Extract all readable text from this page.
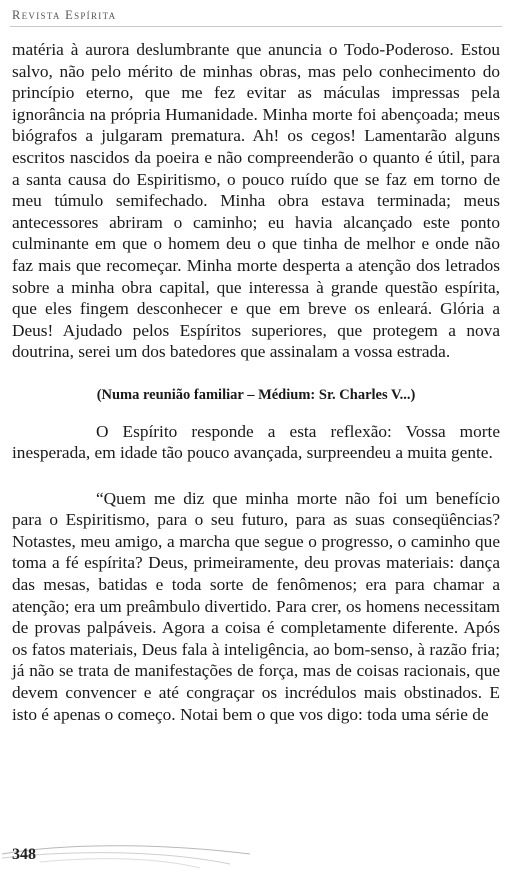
Revista Espírita

matéria à aurora deslumbrante que anuncia o Todo-Poderoso. Estou salvo, não pelo mérito de minhas obras, mas pelo conhecimento do princípio eterno, que me fez evitar as máculas impressas pela ignorância na própria Humanidade. Minha morte foi abençoada; meus biógrafos a julgaram prematura. Ah! os cegos! Lamentarão alguns escritos nascidos da poeira e não compreenderão o quanto é útil, para a santa causa do Espiritismo, o pouco ruído que se faz em torno de meu túmulo semifechado. Minha obra estava terminada; meus antecessores abriram o caminho; eu havia alcançado este ponto culminante em que o homem deu o que tinha de melhor e onde não faz mais que recomeçar. Minha morte desperta a atenção dos letrados sobre a minha obra capital, que interessa à grande questão espírita, que eles fingem desconhecer e que em breve os enleará. Glória a Deus! Ajudado pelos Espíritos superiores, que protegem a nova doutrina, serei um dos batedores que assinalam a vossa estrada.

(Numa reunião familiar – Médium: Sr. Charles V...)

O Espírito responde a esta reflexão: Vossa morte inesperada, em idade tão pouco avançada, surpreendeu a muita gente.

“Quem me diz que minha morte não foi um benefício para o Espiritismo, para o seu futuro, para as suas conseqüências? Notastes, meu amigo, a marcha que segue o progresso, o caminho que toma a fé espírita? Deus, primeiramente, deu provas materiais: dança das mesas, batidas e toda sorte de fenômenos; era para chamar a atenção; era um preâmbulo divertido. Para crer, os homens necessitam de provas palpáveis. Agora a coisa é completamente diferente. Após os fatos materiais, Deus fala à inteligência, ao bom-senso, à razão fria; já não se trata de manifestações de força, mas de coisas racionais, que devem convencer e até congraçar os incrédulos mais obstinados. E isto é apenas o começo. Notai bem o que vos digo: toda uma série de

348
